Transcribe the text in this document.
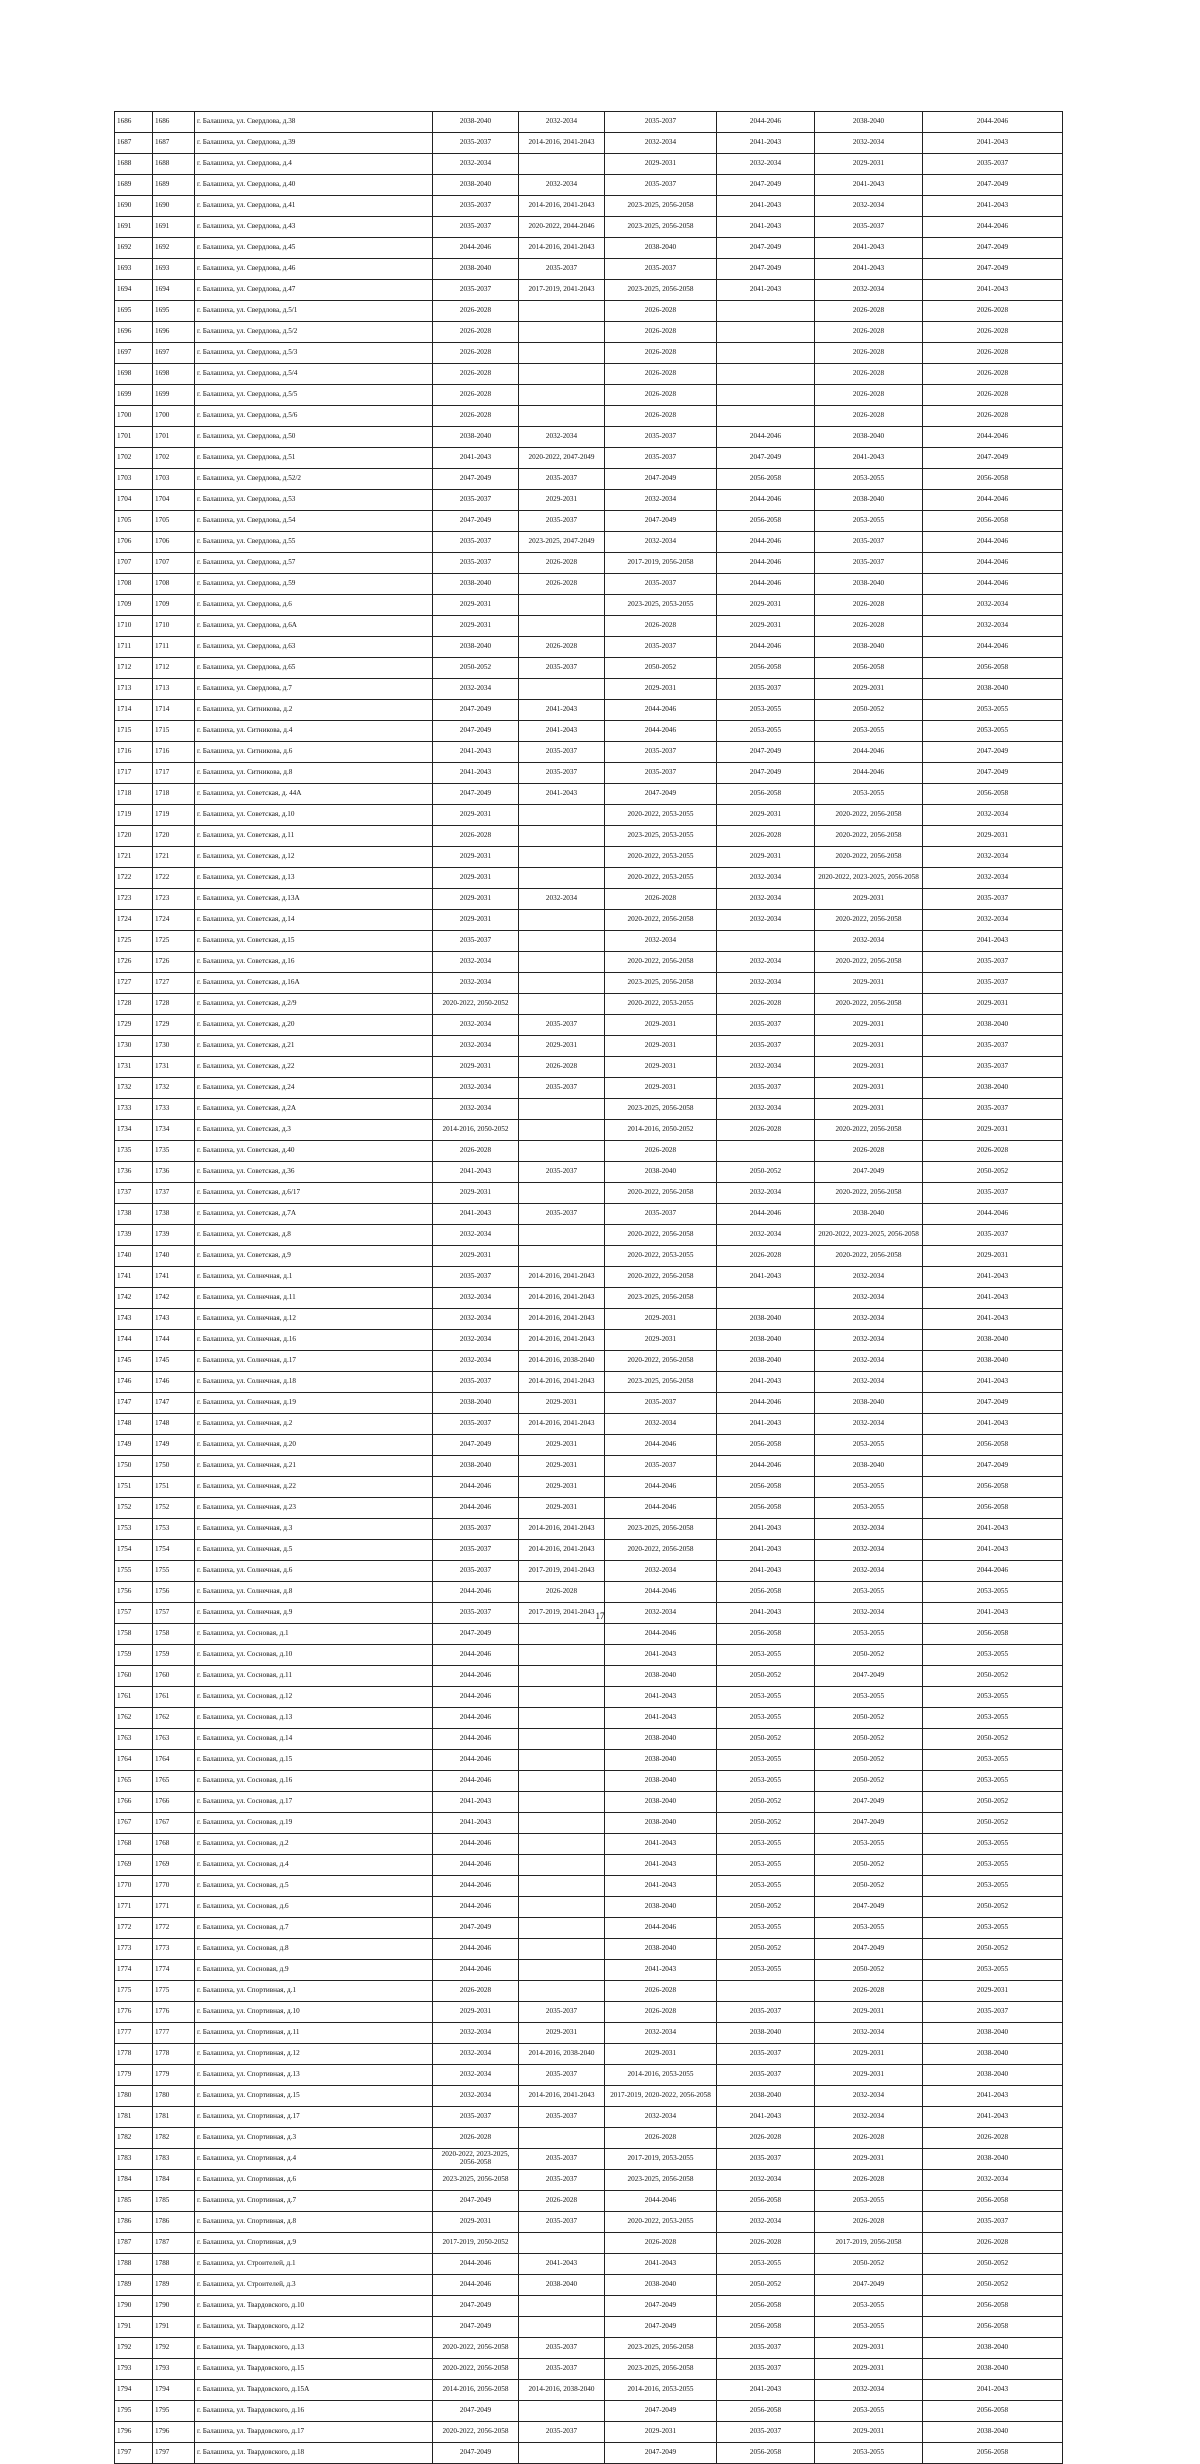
1686	1686	г. Балашиха, ул. Свердлова, д.38	2038-2040	2032-2034	2035-2037	2044-2046	2038-2040	2044-2046
1687	1687	г. Балашиха, ул. Свердлова, д.39	2035-2037	2014-2016, 2041-2043	2032-2034	2041-2043	2032-2034	2041-2043
1688	1688	г. Балашиха, ул. Свердлова, д.4	2032-2034		2029-2031	2032-2034	2029-2031	2035-2037
1689	1689	г. Балашиха, ул. Свердлова, д.40	2038-2040	2032-2034	2035-2037	2047-2049	2041-2043	2047-2049
1690	1690	г. Балашиха, ул. Свердлова, д.41	2035-2037	2014-2016, 2041-2043	2023-2025, 2056-2058	2041-2043	2032-2034	2041-2043
1691	1691	г. Балашиха, ул. Свердлова, д.43	2035-2037	2020-2022, 2044-2046	2023-2025, 2056-2058	2041-2043	2035-2037	2044-2046
1692	1692	г. Балашиха, ул. Свердлова, д.45	2044-2046	2014-2016, 2041-2043	2038-2040	2047-2049	2041-2043	2047-2049
1693	1693	г. Балашиха, ул. Свердлова, д.46	2038-2040	2035-2037	2035-2037	2047-2049	2041-2043	2047-2049
1694	1694	г. Балашиха, ул. Свердлова, д.47	2035-2037	2017-2019, 2041-2043	2023-2025, 2056-2058	2041-2043	2032-2034	2041-2043
1695	1695	г. Балашиха, ул. Свердлова, д.5/1	2026-2028		2026-2028		2026-2028	2026-2028
1696	1696	г. Балашиха, ул. Свердлова, д.5/2	2026-2028		2026-2028		2026-2028	2026-2028
1697	1697	г. Балашиха, ул. Свердлова, д.5/3	2026-2028		2026-2028		2026-2028	2026-2028
1698	1698	г. Балашиха, ул. Свердлова, д.5/4	2026-2028		2026-2028		2026-2028	2026-2028
1699	1699	г. Балашиха, ул. Свердлова, д.5/5	2026-2028		2026-2028		2026-2028	2026-2028
1700	1700	г. Балашиха, ул. Свердлова, д.5/6	2026-2028		2026-2028		2026-2028	2026-2028
1701	1701	г. Балашиха, ул. Свердлова, д.50	2038-2040	2032-2034	2035-2037	2044-2046	2038-2040	2044-2046
1702	1702	г. Балашиха, ул. Свердлова, д.51	2041-2043	2020-2022, 2047-2049	2035-2037	2047-2049	2041-2043	2047-2049
1703	1703	г. Балашиха, ул. Свердлова, д.52/2	2047-2049	2035-2037	2047-2049	2056-2058	2053-2055	2056-2058
1704	1704	г. Балашиха, ул. Свердлова, д.53	2035-2037	2029-2031	2032-2034	2044-2046	2038-2040	2044-2046
1705	1705	г. Балашиха, ул. Свердлова, д.54	2047-2049	2035-2037	2047-2049	2056-2058	2053-2055	2056-2058
1706	1706	г. Балашиха, ул. Свердлова, д.55	2035-2037	2023-2025, 2047-2049	2032-2034	2044-2046	2035-2037	2044-2046
1707	1707	г. Балашиха, ул. Свердлова, д.57	2035-2037	2026-2028	2017-2019, 2056-2058	2044-2046	2035-2037	2044-2046
1708	1708	г. Балашиха, ул. Свердлова, д.59	2038-2040	2026-2028	2035-2037	2044-2046	2038-2040	2044-2046
1709	1709	г. Балашиха, ул. Свердлова, д.6	2029-2031		2023-2025, 2053-2055	2029-2031	2026-2028	2032-2034
1710	1710	г. Балашиха, ул. Свердлова, д.6А	2029-2031		2026-2028	2029-2031	2026-2028	2032-2034
1711	1711	г. Балашиха, ул. Свердлова, д.63	2038-2040	2026-2028	2035-2037	2044-2046	2038-2040	2044-2046
1712	1712	г. Балашиха, ул. Свердлова, д.65	2050-2052	2035-2037	2050-2052	2056-2058	2056-2058	2056-2058
1713	1713	г. Балашиха, ул. Свердлова, д.7	2032-2034		2029-2031	2035-2037	2029-2031	2038-2040
1714	1714	г. Балашиха, ул. Ситникова, д.2	2047-2049	2041-2043	2044-2046	2053-2055	2050-2052	2053-2055
1715	1715	г. Балашиха, ул. Ситникова, д.4	2047-2049	2041-2043	2044-2046	2053-2055	2053-2055	2053-2055
1716	1716	г. Балашиха, ул. Ситникова, д.6	2041-2043	2035-2037	2035-2037	2047-2049	2044-2046	2047-2049
1717	1717	г. Балашиха, ул. Ситникова, д.8	2041-2043	2035-2037	2035-2037	2047-2049	2044-2046	2047-2049
1718	1718	г. Балашиха, ул. Советская, д. 44А	2047-2049	2041-2043	2047-2049	2056-2058	2053-2055	2056-2058
1719	1719	г. Балашиха, ул. Советская, д.10	2029-2031		2020-2022, 2053-2055	2029-2031	2020-2022, 2056-2058	2032-2034
1720	1720	г. Балашиха, ул. Советская, д.11	2026-2028		2023-2025, 2053-2055	2026-2028	2020-2022, 2056-2058	2029-2031
1721	1721	г. Балашиха, ул. Советская, д.12	2029-2031		2020-2022, 2053-2055	2029-2031	2020-2022, 2056-2058	2032-2034
1722	1722	г. Балашиха, ул. Советская, д.13	2029-2031		2020-2022, 2053-2055	2032-2034	2020-2022, 2023-2025, 2056-2058	2032-2034
1723	1723	г. Балашиха, ул. Советская, д.13А	2029-2031	2032-2034	2026-2028	2032-2034	2029-2031	2035-2037
1724	1724	г. Балашиха, ул. Советская, д.14	2029-2031		2020-2022, 2056-2058	2032-2034	2020-2022, 2056-2058	2032-2034
1725	1725	г. Балашиха, ул. Советская, д.15	2035-2037		2032-2034		2032-2034	2041-2043
1726	1726	г. Балашиха, ул. Советская, д.16	2032-2034		2020-2022, 2056-2058	2032-2034	2020-2022, 2056-2058	2035-2037
1727	1727	г. Балашиха, ул. Советская, д.16А	2032-2034		2023-2025, 2056-2058	2032-2034	2029-2031	2035-2037
1728	1728	г. Балашиха, ул. Советская, д.2/9	2020-2022, 2050-2052		2020-2022, 2053-2055	2026-2028	2020-2022, 2056-2058	2029-2031
1729	1729	г. Балашиха, ул. Советская, д.20	2032-2034	2035-2037	2029-2031	2035-2037	2029-2031	2038-2040
1730	1730	г. Балашиха, ул. Советская, д.21	2032-2034	2029-2031	2029-2031	2035-2037	2029-2031	2035-2037
1731	1731	г. Балашиха, ул. Советская, д.22	2029-2031	2026-2028	2029-2031	2032-2034	2029-2031	2035-2037
1732	1732	г. Балашиха, ул. Советская, д.24	2032-2034	2035-2037	2029-2031	2035-2037	2029-2031	2038-2040
1733	1733	г. Балашиха, ул. Советская, д.2А	2032-2034		2023-2025, 2056-2058	2032-2034	2029-2031	2035-2037
1734	1734	г. Балашиха, ул. Советская, д.3	2014-2016, 2050-2052		2014-2016, 2050-2052	2026-2028	2020-2022, 2056-2058	2029-2031
1735	1735	г. Балашиха, ул. Советская, д.40	2026-2028		2026-2028		2026-2028	2026-2028
1736	1736	г. Балашиха, ул. Советская, д.36	2041-2043	2035-2037	2038-2040	2050-2052	2047-2049	2050-2052
1737	1737	г. Балашиха, ул. Советская, д.6/17	2029-2031		2020-2022, 2056-2058	2032-2034	2020-2022, 2056-2058	2035-2037
1738	1738	г. Балашиха, ул. Советская, д.7А	2041-2043	2035-2037	2035-2037	2044-2046	2038-2040	2044-2046
1739	1739	г. Балашиха, ул. Советская, д.8	2032-2034		2020-2022, 2056-2058	2032-2034	2020-2022, 2023-2025, 2056-2058	2035-2037
1740	1740	г. Балашиха, ул. Советская, д.9	2029-2031		2020-2022, 2053-2055	2026-2028	2020-2022, 2056-2058	2029-2031
1741	1741	г. Балашиха, ул. Солнечная, д.1	2035-2037	2014-2016, 2041-2043	2020-2022, 2056-2058	2041-2043	2032-2034	2041-2043
1742	1742	г. Балашиха, ул. Солнечная, д.11	2032-2034	2014-2016, 2041-2043	2023-2025, 2056-2058		2032-2034	2041-2043
1743	1743	г. Балашиха, ул. Солнечная, д.12	2032-2034	2014-2016, 2041-2043	2029-2031	2038-2040	2032-2034	2041-2043
1744	1744	г. Балашиха, ул. Солнечная, д.16	2032-2034	2014-2016, 2041-2043	2029-2031	2038-2040	2032-2034	2038-2040
1745	1745	г. Балашиха, ул. Солнечная, д.17	2032-2034	2014-2016, 2038-2040	2020-2022, 2056-2058	2038-2040	2032-2034	2038-2040
1746	1746	г. Балашиха, ул. Солнечная, д.18	2035-2037	2014-2016, 2041-2043	2023-2025, 2056-2058	2041-2043	2032-2034	2041-2043
1747	1747	г. Балашиха, ул. Солнечная, д.19	2038-2040	2029-2031	2035-2037	2044-2046	2038-2040	2047-2049
1748	1748	г. Балашиха, ул. Солнечная, д.2	2035-2037	2014-2016, 2041-2043	2032-2034	2041-2043	2032-2034	2041-2043
1749	1749	г. Балашиха, ул. Солнечная, д.20	2047-2049	2029-2031	2044-2046	2056-2058	2053-2055	2056-2058
1750	1750	г. Балашиха, ул. Солнечная, д.21	2038-2040	2029-2031	2035-2037	2044-2046	2038-2040	2047-2049
1751	1751	г. Балашиха, ул. Солнечная, д.22	2044-2046	2029-2031	2044-2046	2056-2058	2053-2055	2056-2058
1752	1752	г. Балашиха, ул. Солнечная, д.23	2044-2046	2029-2031	2044-2046	2056-2058	2053-2055	2056-2058
1753	1753	г. Балашиха, ул. Солнечная, д.3	2035-2037	2014-2016, 2041-2043	2023-2025, 2056-2058	2041-2043	2032-2034	2041-2043
1754	1754	г. Балашиха, ул. Солнечная, д.5	2035-2037	2014-2016, 2041-2043	2020-2022, 2056-2058	2041-2043	2032-2034	2041-2043
1755	1755	г. Балашиха, ул. Солнечная, д.6	2035-2037	2017-2019, 2041-2043	2032-2034	2041-2043	2032-2034	2044-2046
1756	1756	г. Балашиха, ул. Солнечная, д.8	2044-2046	2026-2028	2044-2046	2056-2058	2053-2055	2053-2055
1757	1757	г. Балашиха, ул. Солнечная, д.9	2035-2037	2017-2019, 2041-2043	2032-2034	2041-2043	2032-2034	2041-2043
1758	1758	г. Балашиха, ул. Сосновая, д.1	2047-2049		2044-2046	2056-2058	2053-2055	2056-2058
1759	1759	г. Балашиха, ул. Сосновая, д.10	2044-2046		2041-2043	2053-2055	2050-2052	2053-2055
1760	1760	г. Балашиха, ул. Сосновая, д.11	2044-2046		2038-2040	2050-2052	2047-2049	2050-2052
1761	1761	г. Балашиха, ул. Сосновая, д.12	2044-2046		2041-2043	2053-2055	2053-2055	2053-2055
1762	1762	г. Балашиха, ул. Сосновая, д.13	2044-2046		2041-2043	2053-2055	2050-2052	2053-2055
1763	1763	г. Балашиха, ул. Сосновая, д.14	2044-2046		2038-2040	2050-2052	2050-2052	2050-2052
1764	1764	г. Балашиха, ул. Сосновая, д.15	2044-2046		2038-2040	2053-2055	2050-2052	2053-2055
1765	1765	г. Балашиха, ул. Сосновая, д.16	2044-2046		2038-2040	2053-2055	2050-2052	2053-2055
1766	1766	г. Балашиха, ул. Сосновая, д.17	2041-2043		2038-2040	2050-2052	2047-2049	2050-2052
1767	1767	г. Балашиха, ул. Сосновая, д.19	2041-2043		2038-2040	2050-2052	2047-2049	2050-2052
1768	1768	г. Балашиха, ул. Сосновая, д.2	2044-2046		2041-2043	2053-2055	2053-2055	2053-2055
1769	1769	г. Балашиха, ул. Сосновая, д.4	2044-2046		2041-2043	2053-2055	2050-2052	2053-2055
1770	1770	г. Балашиха, ул. Сосновая, д.5	2044-2046		2041-2043	2053-2055	2050-2052	2053-2055
1771	1771	г. Балашиха, ул. Сосновая, д.6	2044-2046		2038-2040	2050-2052	2047-2049	2050-2052
1772	1772	г. Балашиха, ул. Сосновая, д.7	2047-2049		2044-2046	2053-2055	2053-2055	2053-2055
1773	1773	г. Балашиха, ул. Сосновая, д.8	2044-2046		2038-2040	2050-2052	2047-2049	2050-2052
1774	1774	г. Балашиха, ул. Сосновая, д.9	2044-2046		2041-2043	2053-2055	2050-2052	2053-2055
1775	1775	г. Балашиха, ул. Спортивная, д.1	2026-2028		2026-2028		2026-2028	2029-2031
1776	1776	г. Балашиха, ул. Спортивная, д.10	2029-2031	2035-2037	2026-2028	2035-2037	2029-2031	2035-2037
1777	1777	г. Балашиха, ул. Спортивная, д.11	2032-2034	2029-2031	2032-2034	2038-2040	2032-2034	2038-2040
1778	1778	г. Балашиха, ул. Спортивная, д.12	2032-2034	2014-2016, 2038-2040	2029-2031	2035-2037	2029-2031	2038-2040
1779	1779	г. Балашиха, ул. Спортивная, д.13	2032-2034	2035-2037	2014-2016, 2053-2055	2035-2037	2029-2031	2038-2040
1780	1780	г. Балашиха, ул. Спортивная, д.15	2032-2034	2014-2016, 2041-2043	2017-2019, 2020-2022, 2056-2058	2038-2040	2032-2034	2041-2043
1781	1781	г. Балашиха, ул. Спортивная, д.17	2035-2037	2035-2037	2032-2034	2041-2043	2032-2034	2041-2043
1782	1782	г. Балашиха, ул. Спортивная, д.3	2026-2028		2026-2028	2026-2028	2026-2028	2026-2028
1783	1783	г. Балашиха, ул. Спортивная, д.4	2020-2022, 2023-2025, 2056-2058	2035-2037	2017-2019, 2053-2055	2035-2037	2029-2031	2038-2040
1784	1784	г. Балашиха, ул. Спортивная, д.6	2023-2025, 2056-2058	2035-2037	2023-2025, 2056-2058	2032-2034	2026-2028	2032-2034
1785	1785	г. Балашиха, ул. Спортивная, д.7	2047-2049	2026-2028	2044-2046	2056-2058	2053-2055	2056-2058
1786	1786	г. Балашиха, ул. Спортивная, д.8	2029-2031	2035-2037	2020-2022, 2053-2055	2032-2034	2026-2028	2035-2037
1787	1787	г. Балашиха, ул. Спортивная, д.9	2017-2019, 2050-2052		2026-2028	2026-2028	2017-2019, 2056-2058	2026-2028
1788	1788	г. Балашиха, ул. Строителей, д.1	2044-2046	2041-2043	2041-2043	2053-2055	2050-2052	2050-2052
1789	1789	г. Балашиха, ул. Строителей, д.3	2044-2046	2038-2040	2038-2040	2050-2052	2047-2049	2050-2052
1790	1790	г. Балашиха, ул. Твардовского, д.10	2047-2049		2047-2049	2056-2058	2053-2055	2056-2058
1791	1791	г. Балашиха, ул. Твардовского, д.12	2047-2049		2047-2049	2056-2058	2053-2055	2056-2058
1792	1792	г. Балашиха, ул. Твардовского, д.13	2020-2022, 2056-2058	2035-2037	2023-2025, 2056-2058	2035-2037	2029-2031	2038-2040
1793	1793	г. Балашиха, ул. Твардовского, д.15	2020-2022, 2056-2058	2035-2037	2023-2025, 2056-2058	2035-2037	2029-2031	2038-2040
1794	1794	г. Балашиха, ул. Твардовского, д.15А	2014-2016, 2056-2058	2014-2016, 2038-2040	2014-2016, 2053-2055	2041-2043	2032-2034	2041-2043
1795	1795	г. Балашиха, ул. Твардовского, д.16	2047-2049		2047-2049	2056-2058	2053-2055	2056-2058
1796	1796	г. Балашиха, ул. Твардовского, д.17	2020-2022, 2056-2058	2035-2037	2029-2031	2035-2037	2029-2031	2038-2040
1797	1797	г. Балашиха, ул. Твардовского, д.18	2047-2049		2047-2049	2056-2058	2053-2055	2056-2058
17
